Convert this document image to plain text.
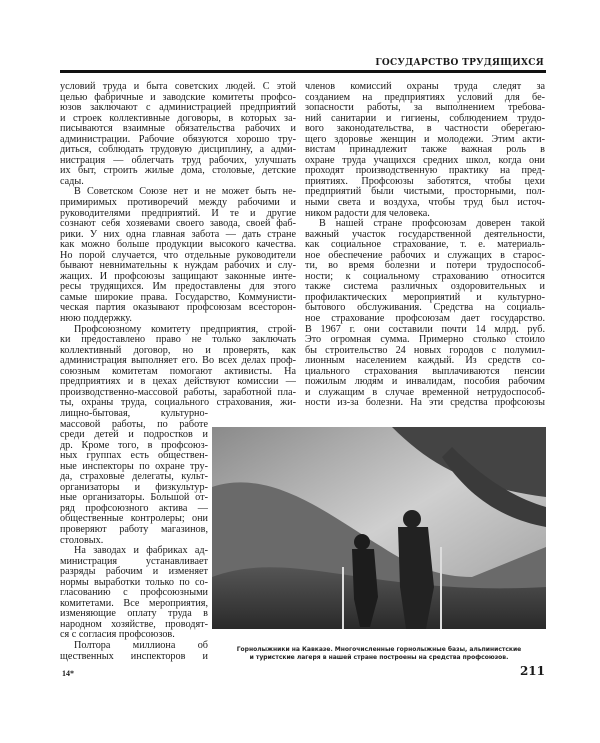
ГОСУДАРСТВО ТРУДЯЩИХСЯ
условий труда и быта советских людей. С этой
целью фабричные и заводские комитеты профсо-
юзов заключают с администрацией предприятий
и строек коллективные договоры, в которых за-
писываются взаимные обязательства рабочих и
администрации. Рабочие обязуются хорошо тру-
диться, соблюдать трудовую дисциплину, а адми-
нистрация — облегчать труд рабочих, улучшать
их быт, строить жилые дома, столовые, детские
сады.
В Советском Союзе нет и не может быть не-
примиримых противоречий между рабочими и
руководителями предприятий. И те и другие
сознают себя хозяевами своего завода, своей фаб-
рики. У них одна главная забота — дать стране
как можно больше продукции высокого качества.
Но порой случается, что отдельные руководители
бывают невнимательны к нуждам рабочих и слу-
жащих. И профсоюзы защищают законные инте-
ресы трудящихся. Им предоставлены для этого
самые широкие права. Государство, Коммунисти-
ческая партия оказывают профсоюзам всесторон-
нюю поддержку.
Профсоюзному комитету предприятия, строй-
ки предоставлено право не только заключать
коллективный договор, но и проверять, как
администрация выполняет его. Во всех делах проф-
союзным комитетам помогают активисты. На
предприятиях и в цехах действуют комиссии —
производственно-массовой работы, заработной пла-
ты, охраны труда, социального страхования, жи-
лищно-бытовая, культурно-
массовой работы, по работе
среди детей и подростков и
др. Кроме того, в профсоюз-
ных группах есть обществен-
ные инспекторы по охране тру-
да, страховые делегаты, культ-
организаторы и физкультур-
ные организаторы. Большой от-
ряд профсоюзного актива —
общественные контролеры; они
проверяют работу магазинов,
столовых.
На заводах и фабриках ад-
министрация устанавливает
разряды рабочим и изменяет
нормы выработки только по со-
гласованию с профсоюзными
комитетами. Все мероприятия,
изменяющие оплату труда в
народном хозяйстве, проводят-
ся с согласия профсоюзов.
Полтора миллиона об
щественных инспекторов и
членов комиссий охраны труда следят за
созданием на предприятиях условий для бе-
зопасности работы, за выполнением требова-
ний санитарии и гигиены, соблюдением трудо-
вого законодательства, в частности оберегаю-
щего здоровье женщин и молодежи. Этим акти-
вистам принадлежит также важная роль в
охране труда учащихся средних школ, когда они
проходят производственную практику на пред-
приятиях. Профсоюзы заботятся, чтобы цехи
предприятий были чистыми, просторными, пол-
ными света и воздуха, чтобы труд был источ-
ником радости для человека.
В нашей стране профсоюзам доверен такой
важный участок государственной деятельности,
как социальное страхование, т. е. материаль-
ное обеспечение рабочих и служащих в старос-
ти, во время болезни и потери трудоспособ-
ности; к социальному страхованию относится
также система различных оздоровительных и
профилактических мероприятий и культурно-
бытового обслуживания. Средства на социаль-
ное страхование профсоюзам дает государство.
В 1967 г. они составили почти 14 млрд. руб.
Это огромная сумма. Примерно столько стоило
бы строительство 24 новых городов с полумил-
лионным населением каждый. Из средств со-
циального страхования выплачиваются пенсии
пожилым людям и инвалидам, пособия рабочим
и служащим в случае временной нетрудоспособ-
ности из-за болезни. На эти средства профсоюзы
Горнолыжники на Кавказе. Многочисленные горнолыжные базы, альпинистские
и туристские лагеря в нашей стране построены на средства профсоюзов.
14*	211
